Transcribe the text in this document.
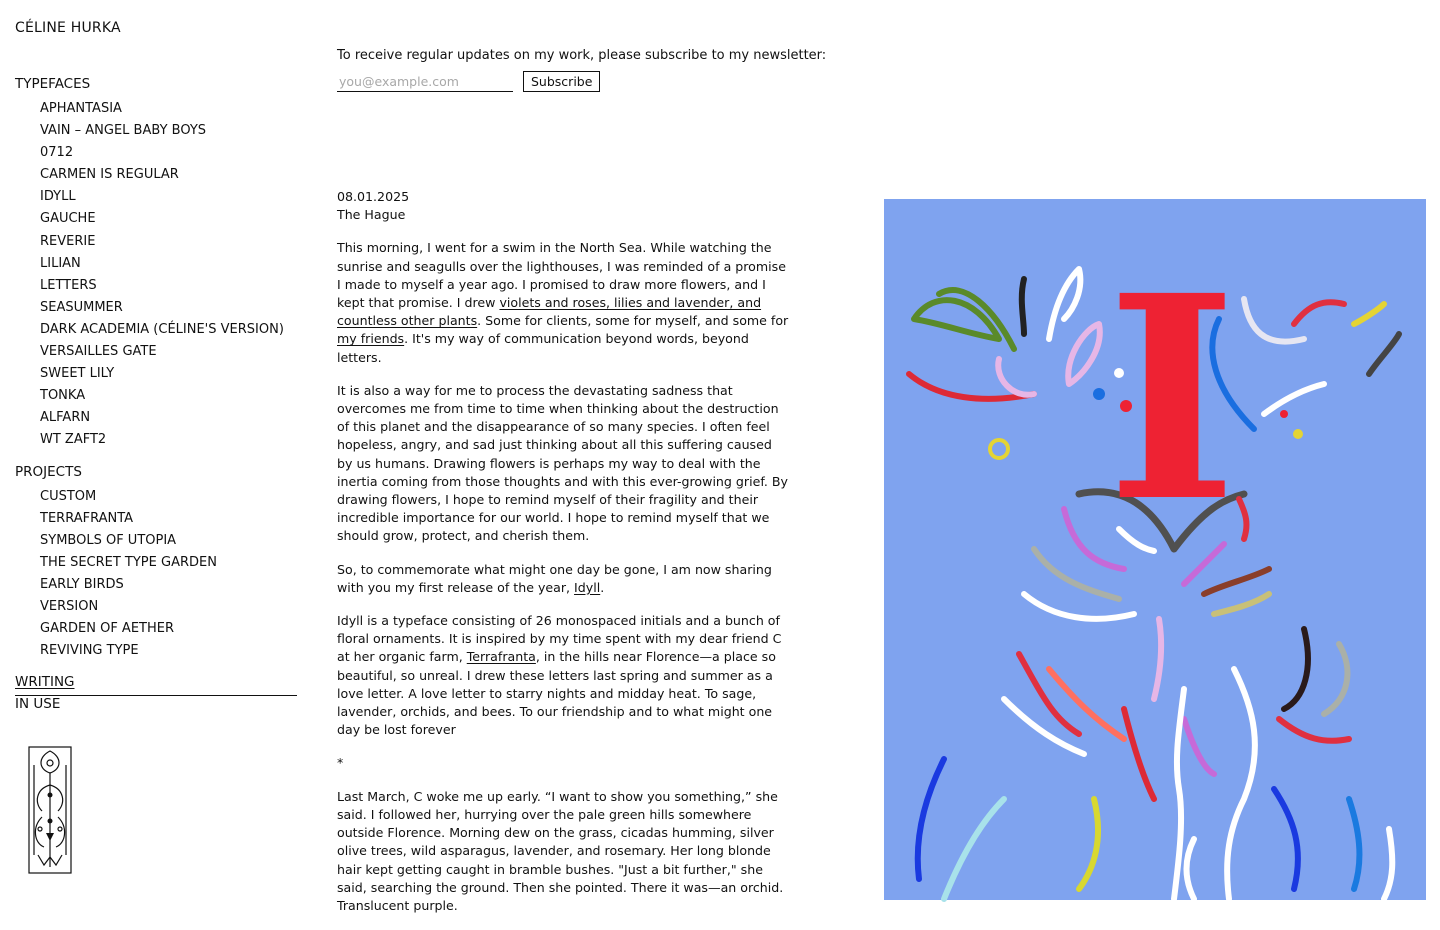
CÉLINE HURKA
TYPEFACES
APHANTASIA
VAIN – ANGEL BABY BOYS
0712
CARMEN IS REGULAR
IDYLL
GAUCHE
REVERIE
LILIAN
LETTERS
SEASUMMER
DARK ACADEMIA (CÉLINE'S VERSION)
VERSAILLES GATE
SWEET LILY
TONKA
ALFARN
WT ZAFT2
PROJECTS
CUSTOM
TERRAFRANTA
SYMBOLS OF UTOPIA
THE SECRET TYPE GARDEN
EARLY BIRDS
VERSION
GARDEN OF AETHER
REVIVING TYPE
WRITING
IN USE

To receive regular updates on my work, please subscribe to my newsletter:

you@example.com
Subscribe
08.01.2025
The Hague

This morning, I went for a swim in the North Sea. While watching the sunrise and seagulls over the lighthouses, I was reminded of a promise I made to myself a year ago. I promised to draw more flowers, and I kept that promise. I drew violets and roses, lilies and lavender, and countless other plants. Some for clients, some for myself, and some for my friends. It's my way of communication beyond words, beyond letters.

It is also a way for me to process the devastating sadness that overcomes me from time to time when thinking about the destruction of this planet and the disappearance of so many species. I often feel hopeless, angry, and sad just thinking about all this suffering caused by us humans. Drawing flowers is perhaps my way to deal with the inertia coming from those thoughts and with this ever-growing grief. By drawing flowers, I hope to remind myself of their fragility and their incredible importance for our world. I hope to remind myself that we should grow, protect, and cherish them.

So, to commemorate what might one day be gone, I am now sharing with you my first release of the year, Idyll.

Idyll is a typeface consisting of 26 monospaced initials and a bunch of floral ornaments. It is inspired by my time spent with my dear friend C at her organic farm, Terrafranta, in the hills near Florence—a place so beautiful, so unreal. I drew these letters last spring and summer as a love letter. A love letter to starry nights and midday heat. To sage, lavender, orchids, and bees. To our friendship and to what might one day be lost forever

*

Last March, C woke me up early. “I want to show you something,” she said. I followed her, hurrying over the pale green hills somewhere outside Florence. Morning dew on the grass, cicadas humming, silver olive trees, wild asparagus, lavender, and rosemary. Her long blonde hair kept getting caught in bramble bushes. "Just a bit further," she said, searching the ground. Then she pointed. There it was—an orchid. Translucent purple.

I
